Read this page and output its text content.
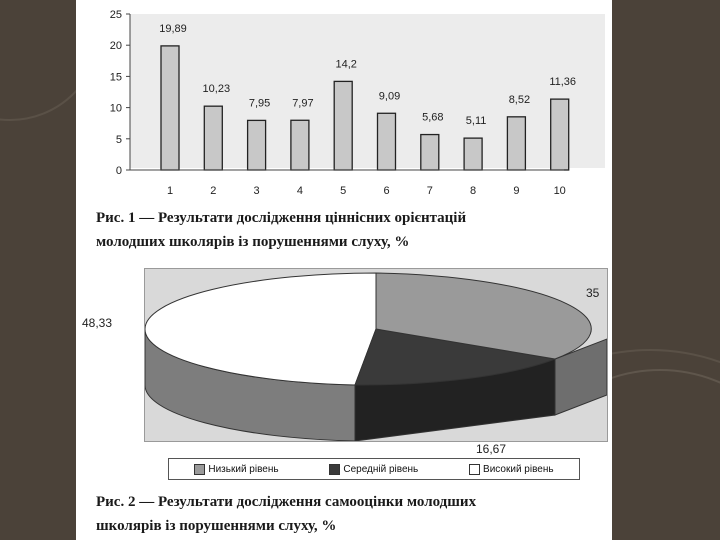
0
5
10
15
20
25
19,89
10,23
7,95 7,97
14,2
9,09
5,68 5,11
8,52
11,36
1	2	3	4	5	6	7	8	9	10

Рис. 1 — Результати дослідження ціннісних орієнтацій
молодших школярів із порушеннями слуху, %

48,33
35
16,67
Низький рівень	Середній рівень	Високий рівень

Рис. 2 — Результати дослідження самооцінки молодших
школярів із порушеннями слуху, %
